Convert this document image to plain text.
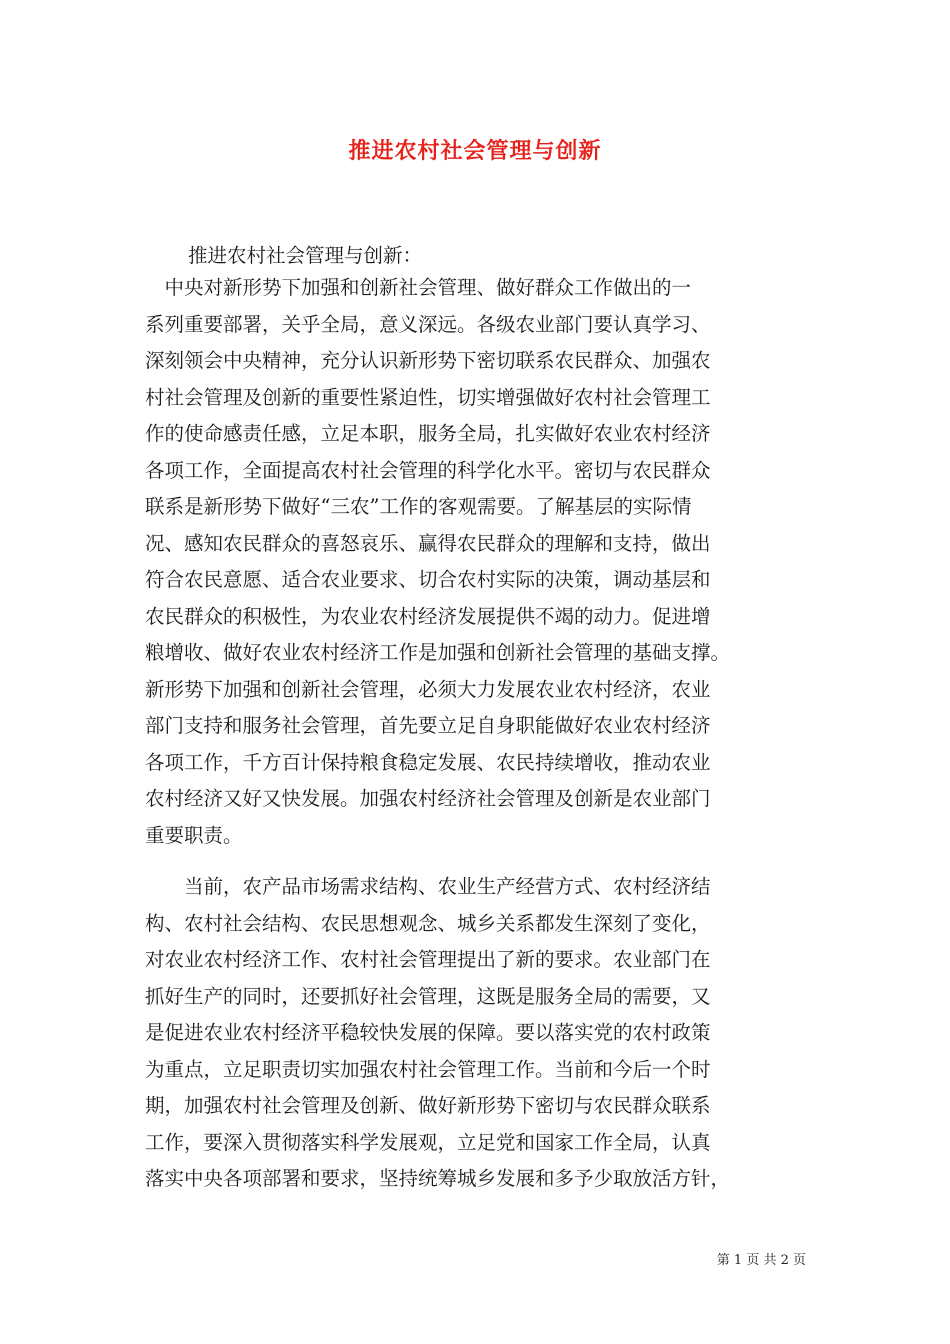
推进农村社会管理与创新
推进农村社会管理与创新：
　中央对新形势下加强和创新社会管理、做好群众工作做出的一
系列重要部署，关乎全局，意义深远。各级农业部门要认真学习、
深刻领会中央精神，充分认识新形势下密切联系农民群众、加强农
村社会管理及创新的重要性紧迫性，切实增强做好农村社会管理工
作的使命感责任感，立足本职，服务全局，扎实做好农业农村经济
各项工作，全面提高农村社会管理的科学化水平。密切与农民群众
联系是新形势下做好“三农”工作的客观需要。了解基层的实际情
况、感知农民群众的喜怒哀乐、赢得农民群众的理解和支持，做出
符合农民意愿、适合农业要求、切合农村实际的决策，调动基层和
农民群众的积极性，为农业农村经济发展提供不竭的动力。促进增
粮增收、做好农业农村经济工作是加强和创新社会管理的基础支撑。
新形势下加强和创新社会管理，必须大力发展农业农村经济，农业
部门支持和服务社会管理，首先要立足自身职能做好农业农村经济
各项工作，千方百计保持粮食稳定发展、农民持续增收，推动农业
农村经济又好又快发展。加强农村经济社会管理及创新是农业部门
重要职责。
　　当前，农产品市场需求结构、农业生产经营方式、农村经济结
构、农村社会结构、农民思想观念、城乡关系都发生深刻了变化，
对农业农村经济工作、农村社会管理提出了新的要求。农业部门在
抓好生产的同时，还要抓好社会管理，这既是服务全局的需要，又
是促进农业农村经济平稳较快发展的保障。要以落实党的农村政策
为重点，立足职责切实加强农村社会管理工作。当前和今后一个时
期，加强农村社会管理及创新、做好新形势下密切与农民群众联系
工作，要深入贯彻落实科学发展观，立足党和国家工作全局，认真
落实中央各项部署和要求，坚持统筹城乡发展和多予少取放活方针，
第 1 页 共 2 页
